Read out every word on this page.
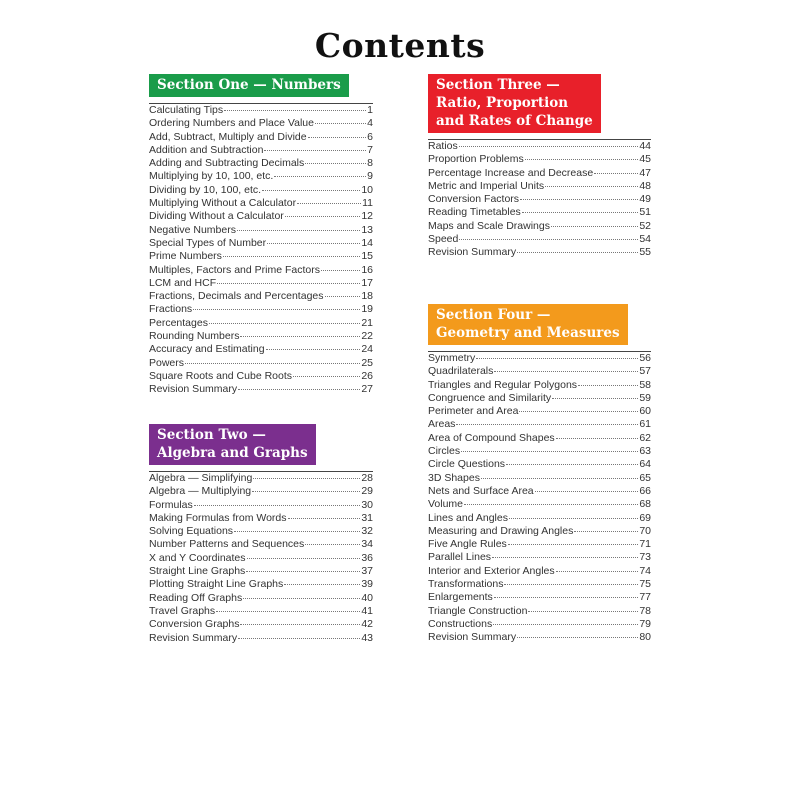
Contents
Section One — Numbers
Calculating Tips	1
Ordering Numbers and Place Value	4
Add, Subtract, Multiply and Divide	6
Addition and Subtraction	7
Adding and Subtracting Decimals	8
Multiplying by 10, 100, etc.	9
Dividing by 10, 100, etc.	10
Multiplying Without a Calculator	11
Dividing Without a Calculator	12
Negative Numbers	13
Special Types of Number	14
Prime Numbers	15
Multiples, Factors and Prime Factors	16
LCM and HCF	17
Fractions, Decimals and Percentages	18
Fractions	19
Percentages	21
Rounding Numbers	22
Accuracy and Estimating	24
Powers	25
Square Roots and Cube Roots	26
Revision Summary	27
Section Two —
Algebra and Graphs
Algebra — Simplifying	28
Algebra — Multiplying	29
Formulas	30
Making Formulas from Words	31
Solving Equations	32
Number Patterns and Sequences	34
X and Y Coordinates	36
Straight Line Graphs	37
Plotting Straight Line Graphs	39
Reading Off Graphs	40
Travel Graphs	41
Conversion Graphs	42
Revision Summary	43
Section Three —
Ratio, Proportion
and Rates of Change
Ratios	44
Proportion Problems	45
Percentage Increase and Decrease	47
Metric and Imperial Units	48
Conversion Factors	49
Reading Timetables	51
Maps and Scale Drawings	52
Speed	54
Revision Summary	55
Section Four —
Geometry and Measures
Symmetry	56
Quadrilaterals	57
Triangles and Regular Polygons	58
Congruence and Similarity	59
Perimeter and Area	60
Areas	61
Area of Compound Shapes	62
Circles	63
Circle Questions	64
3D Shapes	65
Nets and Surface Area	66
Volume	68
Lines and Angles	69
Measuring and Drawing Angles	70
Five Angle Rules	71
Parallel Lines	73
Interior and Exterior Angles	74
Transformations	75
Enlargements	77
Triangle Construction	78
Constructions	79
Revision Summary	80
